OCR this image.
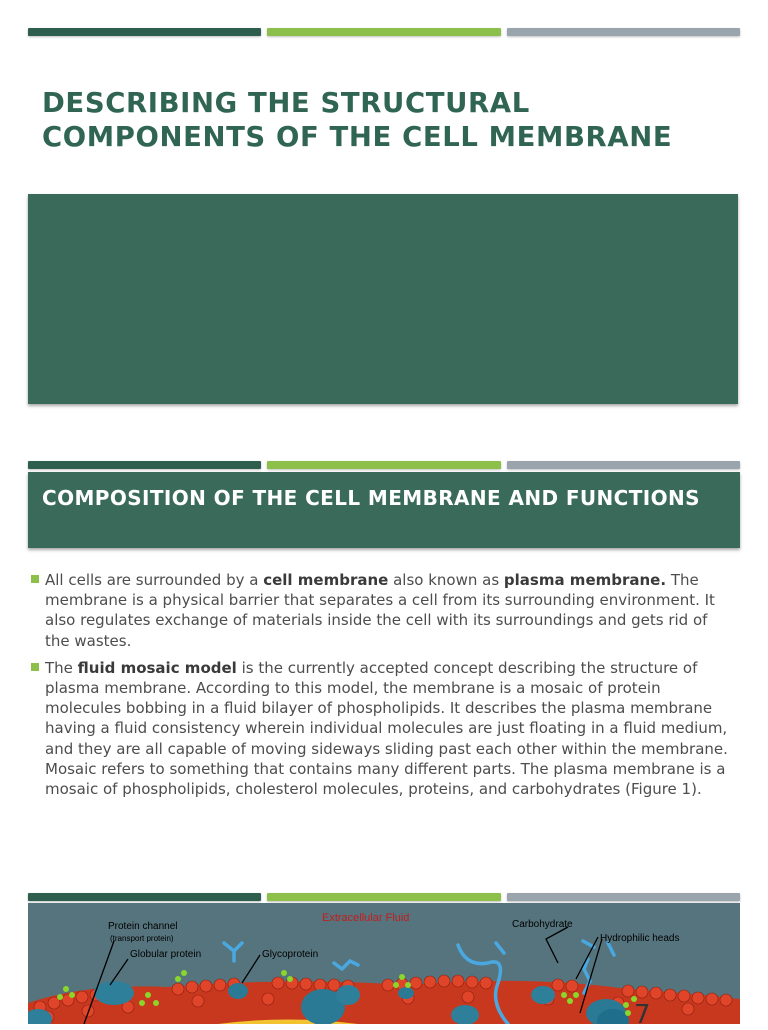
DESCRIBING THE STRUCTURAL COMPONENTS OF THE CELL MEMBRANE
COMPOSITION OF THE CELL MEMBRANE AND FUNCTIONS
All cells are surrounded by a cell membrane also known as plasma membrane. The membrane is a physical barrier that separates a cell from its surrounding environment. It also regulates exchange of materials inside the cell with its surroundings and gets rid of the wastes.
The fluid mosaic model is the currently accepted concept describing the structure of plasma membrane. According to this model, the membrane is a mosaic of protein molecules bobbing in a fluid bilayer of phospholipids. It describes the plasma membrane having a fluid consistency wherein individual molecules are just floating in a fluid medium, and they are all capable of moving sideways sliding past each other within the membrane. Mosaic refers to something that contains many different parts. The plasma membrane is a mosaic of phospholipids, cholesterol molecules, proteins, and carbohydrates (Figure 1).
Extracellular Fluid
Protein channel
(transport protein)
Globular protein	Glycoprotein
Carbohydrate
Hydrophilic heads
7
